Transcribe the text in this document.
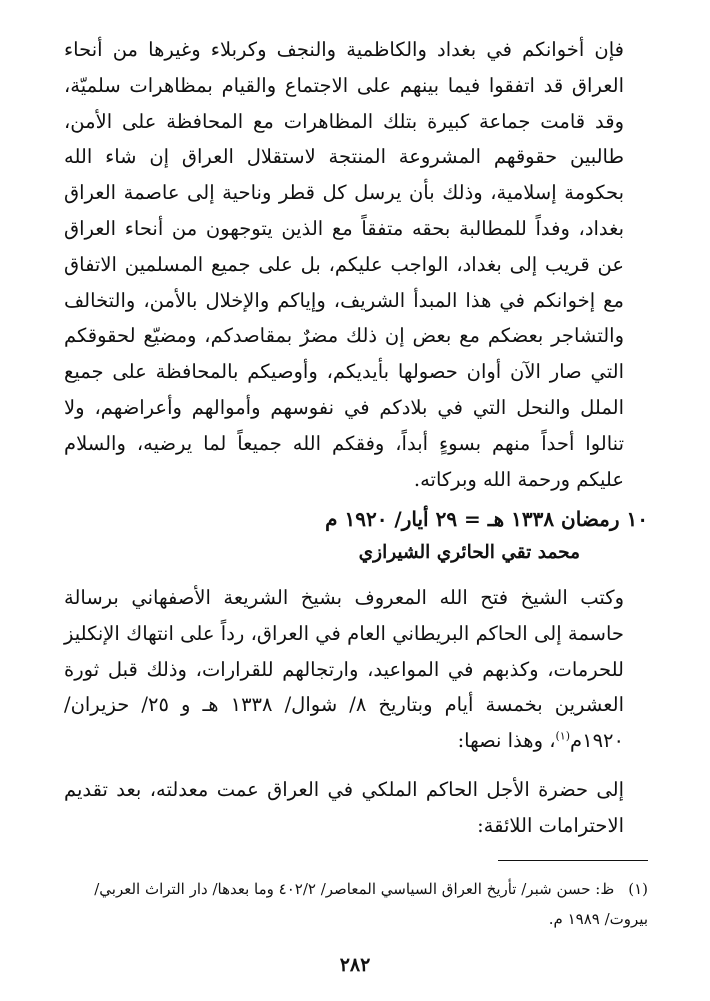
فإن أخوانكم في بغداد والكاظمية والنجف وكربلاء وغيرها من أنحاء العراق قد اتفقوا فيما بينهم على الاجتماع والقيام بمظاهرات سلميّة، وقد قامت جماعة كبيرة بتلك المظاهرات مع المحافظة على الأمن، طالبين حقوقهم المشروعة المنتجة لاستقلال العراق إن شاء الله بحكومة إسلامية، وذلك بأن يرسل كل قطر وناحية إلى عاصمة العراق بغداد، وفداً للمطالبة بحقه متفقاً مع الذين يتوجهون من أنحاء العراق عن قريب إلى بغداد، الواجب عليكم، بل على جميع المسلمين الاتفاق مع إخوانكم في هذا المبدأ الشريف، وإياكم والإخلال بالأمن، والتخالف والتشاجر بعضكم مع بعض إن ذلك مضرٌ بمقاصدكم، ومضيّع لحقوقكم التي صار الآن أوان حصولها بأيديكم، وأوصيكم بالمحافظة على جميع الملل والنحل التي في بلادكم في نفوسهم وأموالهم وأعراضهم، ولا تنالوا أحداً منهم بسوءٍ أبداً، وفقكم الله جميعاً لما يرضيه، والسلام عليكم ورحمة الله وبركاته.

١٠ رمضان ١٣٣٨ هـ = ٢٩ أيار/ ١٩٢٠ م
محمد تقي الحائري الشيرازي

وكتب الشيخ فتح الله المعروف بشيخ الشريعة الأصفهاني برسالة حاسمة إلى الحاكم البريطاني العام في العراق، رداً على انتهاك الإنكليز للحرمات، وكذبهم في المواعيد، وارتجالهم للقرارات، وذلك قبل ثورة العشرين بخمسة أيام وبتاريخ ٨/ شوال/ ١٣٣٨ هـ و ٢٥/ حزيران/ ١٩٢٠م$^{(١)}$، وهذا نصها:

إلى حضرة الأجل الحاكم الملكي في العراق عمت معدلته، بعد تقديم الاحترامات اللائقة:

(١)ظ: حسن شبر/ تأريخ العراق السياسي المعاصر/ ٤٠٢/٢ وما بعدها/ دار التراث العربي/ بيروت/ ١٩٨٩ م.

٢٨٢
